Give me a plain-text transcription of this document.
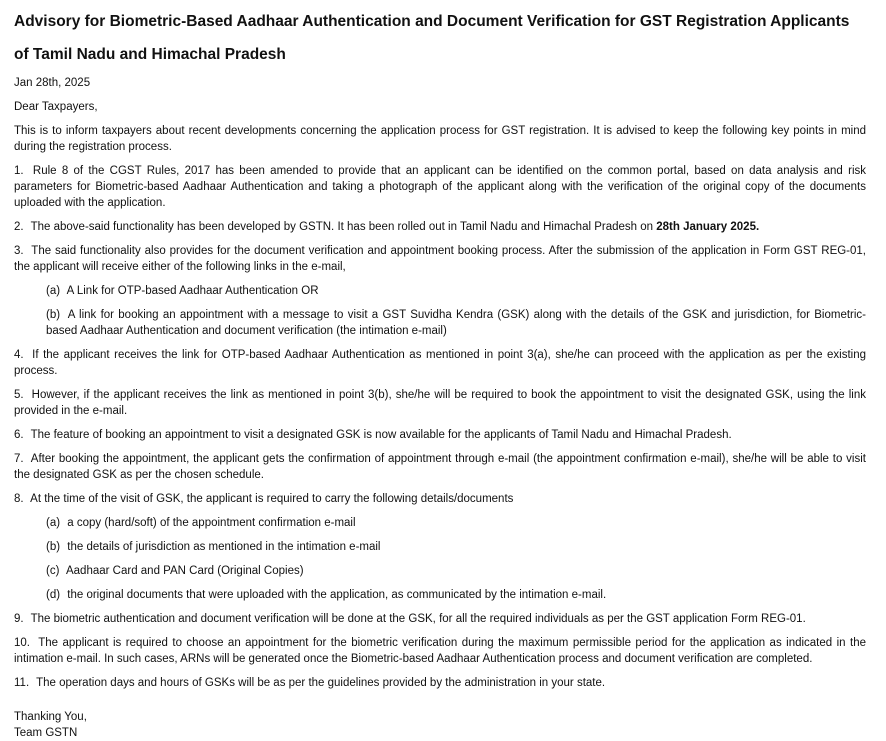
Advisory for Biometric-Based Aadhaar Authentication and Document Verification for GST Registration Applicants of Tamil Nadu and Himachal Pradesh

Jan 28th, 2025

Dear Taxpayers,

This is to inform taxpayers about recent developments concerning the application process for GST registration. It is advised to keep the following key points in mind during the registration process.

1. Rule 8 of the CGST Rules, 2017 has been amended to provide that an applicant can be identified on the common portal, based on data analysis and risk parameters for Biometric-based Aadhaar Authentication and taking a photograph of the applicant along with the verification of the original copy of the documents uploaded with the application.

2. The above-said functionality has been developed by GSTN. It has been rolled out in Tamil Nadu and Himachal Pradesh on 28th January 2025.

3. The said functionality also provides for the document verification and appointment booking process. After the submission of the application in Form GST REG-01, the applicant will receive either of the following links in the e-mail,

(a) A Link for OTP-based Aadhaar Authentication OR

(b) A link for booking an appointment with a message to visit a GST Suvidha Kendra (GSK) along with the details of the GSK and jurisdiction, for Biometric-based Aadhaar Authentication and document verification (the intimation e-mail)

4. If the applicant receives the link for OTP-based Aadhaar Authentication as mentioned in point 3(a), she/he can proceed with the application as per the existing process.

5. However, if the applicant receives the link as mentioned in point 3(b), she/he will be required to book the appointment to visit the designated GSK, using the link provided in the e-mail.

6. The feature of booking an appointment to visit a designated GSK is now available for the applicants of Tamil Nadu and Himachal Pradesh.

7. After booking the appointment, the applicant gets the confirmation of appointment through e-mail (the appointment confirmation e-mail), she/he will be able to visit the designated GSK as per the chosen schedule.

8. At the time of the visit of GSK, the applicant is required to carry the following details/documents

(a) a copy (hard/soft) of the appointment confirmation e-mail

(b) the details of jurisdiction as mentioned in the intimation e-mail

(c) Aadhaar Card and PAN Card (Original Copies)

(d) the original documents that were uploaded with the application, as communicated by the intimation e-mail.

9. The biometric authentication and document verification will be done at the GSK, for all the required individuals as per the GST application Form REG-01.

10. The applicant is required to choose an appointment for the biometric verification during the maximum permissible period for the application as indicated in the intimation e-mail. In such cases, ARNs will be generated once the Biometric-based Aadhaar Authentication process and document verification are completed.

11. The operation days and hours of GSKs will be as per the guidelines provided by the administration in your state.

Thanking You,

Team GSTN
